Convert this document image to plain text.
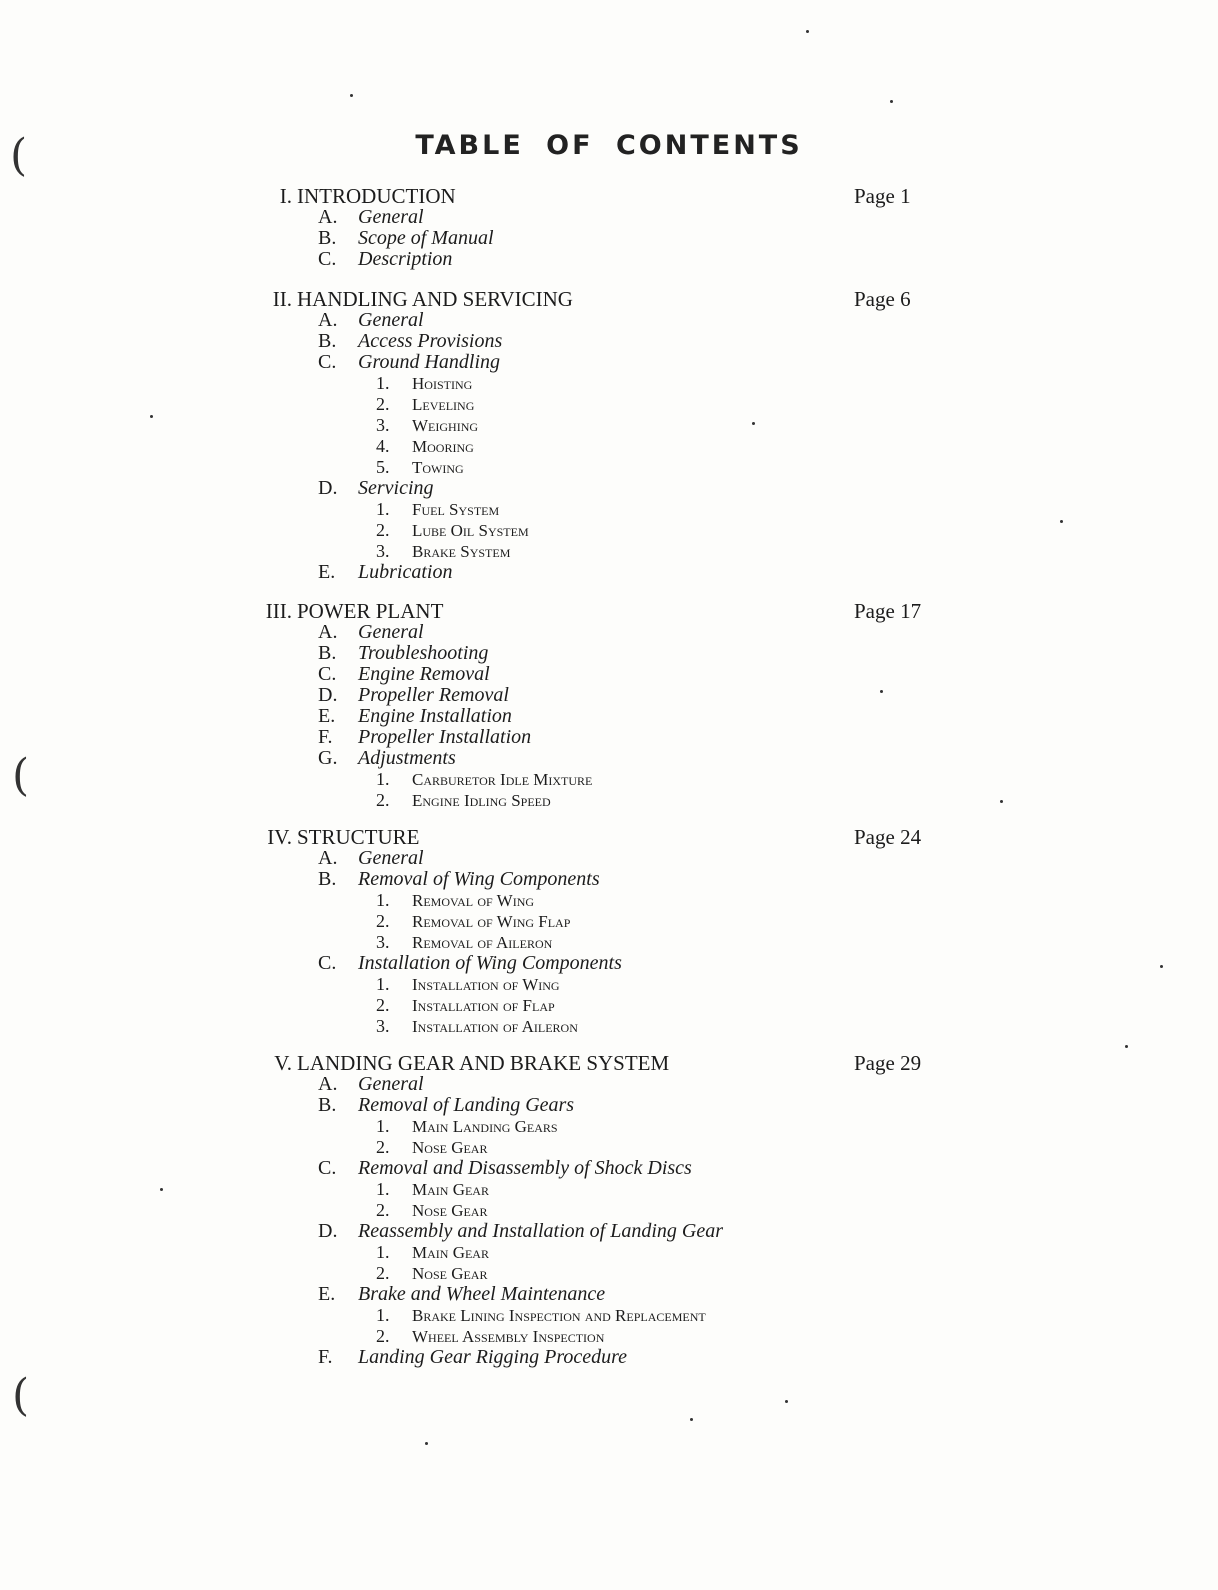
TABLE OF CONTENTS
I. INTRODUCTION	Page 1
A. General
B. Scope of Manual
C. Description
II. HANDLING AND SERVICING	Page 6
A. General
B. Access Provisions
C. Ground Handling
1. Hoisting
2. Leveling
3. Weighing
4. Mooring
5. Towing
D. Servicing
1. Fuel System
2. Lube Oil System
3. Brake System
E. Lubrication
III. POWER PLANT	Page 17
A. General
B. Troubleshooting
C. Engine Removal
D. Propeller Removal
E. Engine Installation
F. Propeller Installation
G. Adjustments
1. Carburetor Idle Mixture
2. Engine Idling Speed
IV. STRUCTURE	Page 24
A. General
B. Removal of Wing Components
1. Removal of Wing
2. Removal of Wing Flap
3. Removal of Aileron
C. Installation of Wing Components
1. Installation of Wing
2. Installation of Flap
3. Installation of Aileron
V. LANDING GEAR AND BRAKE SYSTEM	Page 29
A. General
B. Removal of Landing Gears
1. Main Landing Gears
2. Nose Gear
C. Removal and Disassembly of Shock Discs
1. Main Gear
2. Nose Gear
D. Reassembly and Installation of Landing Gear
1. Main Gear
2. Nose Gear
E. Brake and Wheel Maintenance
1. Brake Lining Inspection and Replacement
2. Wheel Assembly Inspection
F. Landing Gear Rigging Procedure
(
(
(
